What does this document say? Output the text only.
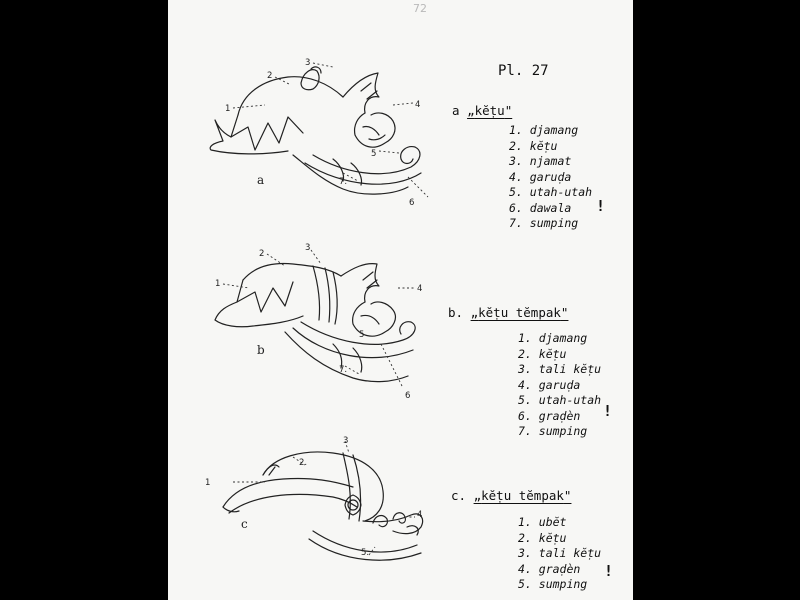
72
Pl. 27
a „kĕṭu"
1. djamang
2. kĕṭu
3. njamat
4. garuḍa
5. utah-utah
6. dawala
7. sumping
!
b. „kĕṭu tĕmpak"
1. djamang
2. kĕṭu
3. tali kĕṭu
4. garuḍa
5. utah-utah
6. graḍèn
7. sumping
!
c. „kĕṭu tĕmpak"
1. ubĕt
2. kĕṭu
3. tali kĕṭu
4. graḍèn
5. sumping
!
1
2
3
4
5
6
7.
a
1
2
3
4
5
6
7.
b
1
2.
3
4
5.
c
